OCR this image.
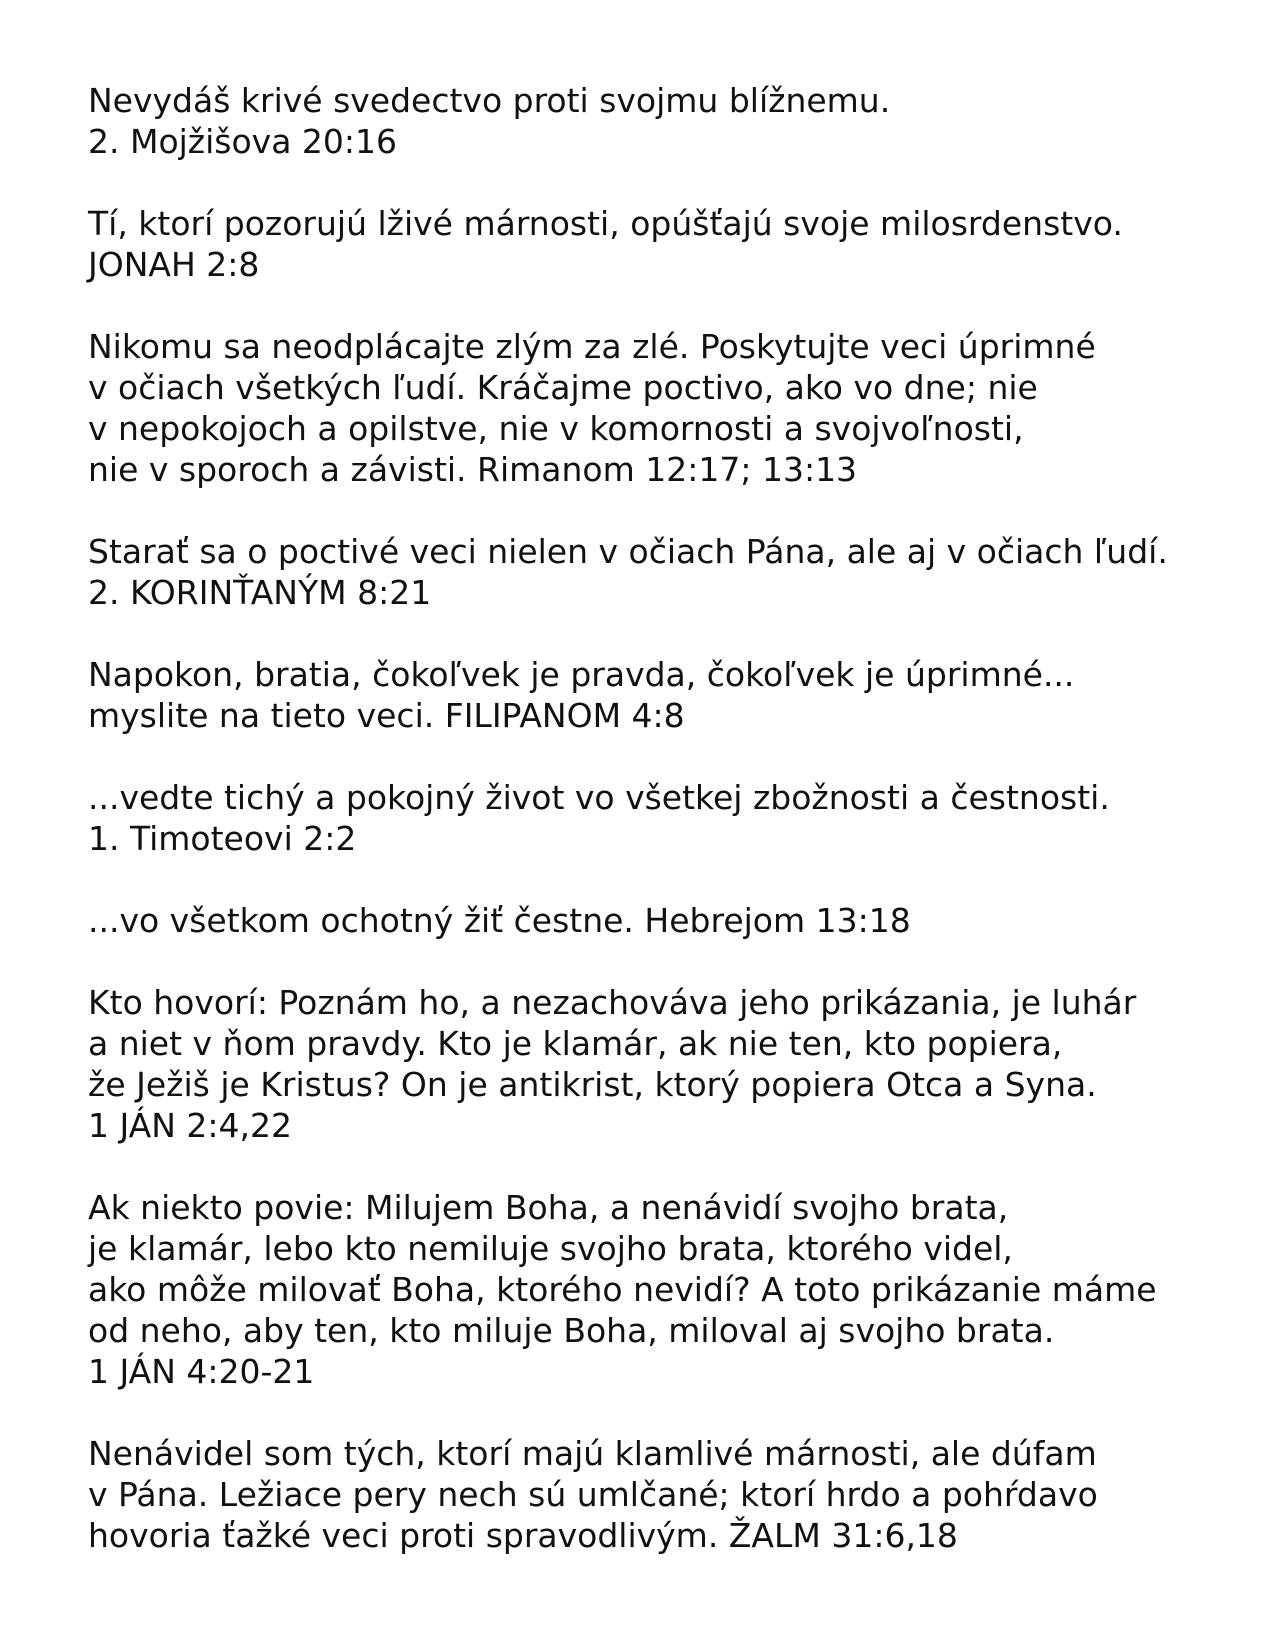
Nevydáš krivé svedectvo proti svojmu blížnemu.
2. Mojžišova 20:16
Tí, ktorí pozorujú lživé márnosti, opúšťajú svoje milosrdenstvo.
JONAH 2:8
Nikomu sa neodplácajte zlým za zlé. Poskytujte veci úprimné
v očiach všetkých ľudí. Kráčajme poctivo, ako vo dne; nie
v nepokojoch a opilstve, nie v komornosti a svojvoľnosti,
nie v sporoch a závisti. Rimanom 12:17; 13:13
Starať sa o poctivé veci nielen v očiach Pána, ale aj v očiach ľudí.
2. KORINŤANÝM 8:21
Napokon, bratia, čokoľvek je pravda, čokoľvek je úprimné...
myslite na tieto veci. FILIPANOM 4:8
...vedte tichý a pokojný život vo všetkej zbožnosti a čestnosti.
1. Timoteovi 2:2
...vo všetkom ochotný žiť čestne. Hebrejom 13:18
Kto hovorí: Poznám ho, a nezachováva jeho prikázania, je luhár
a niet v ňom pravdy. Kto je klamár, ak nie ten, kto popiera,
že Ježiš je Kristus? On je antikrist, ktorý popiera Otca a Syna.
1 JÁN 2:4,22
Ak niekto povie: Milujem Boha, a nenávidí svojho brata,
je klamár, lebo kto nemiluje svojho brata, ktorého videl,
ako môže milovať Boha, ktorého nevidí? A toto prikázanie máme
od neho, aby ten, kto miluje Boha, miloval aj svojho brata.
1 JÁN 4:20-21
Nenávidel som tých, ktorí majú klamlivé márnosti, ale dúfam
v Pána. Ležiace pery nech sú umlčané; ktorí hrdo a pohŕdavo
hovoria ťažké veci proti spravodlivým. ŽALM 31:6,18
